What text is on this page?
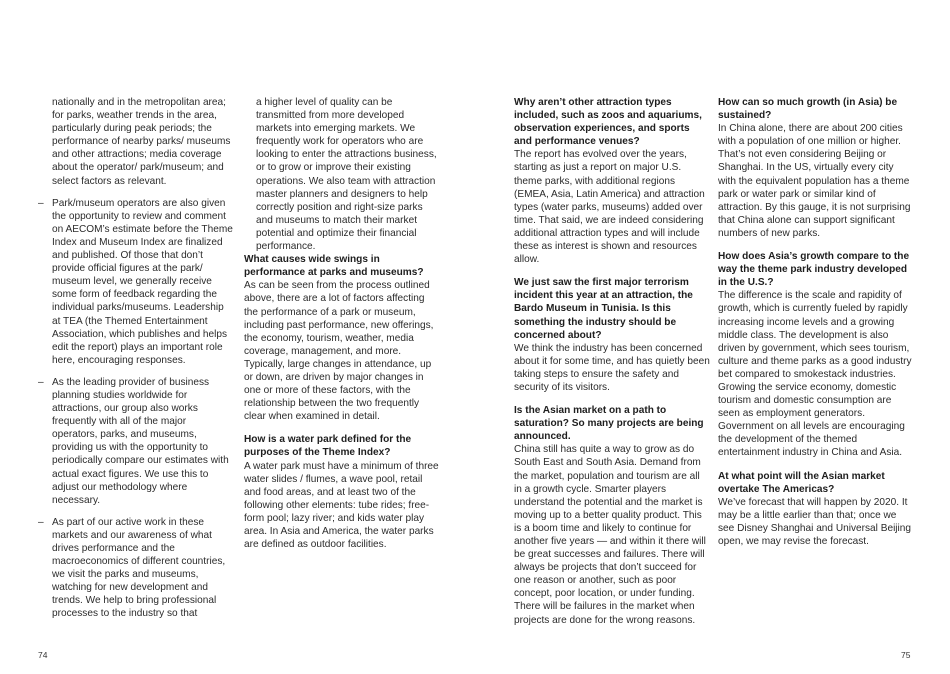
nationally and in the metropolitan area; for parks, weather trends in the area, particularly during peak periods; the performance of nearby parks/ museums and other attractions; media coverage about the operator/ park/museum; and select factors as relevant.

– Park/museum operators are also given the opportunity to review and comment on AECOM’s estimate before the Theme Index and Museum Index are finalized and published. Of those that don’t provide official figures at the park/ museum level, we generally receive some form of feedback regarding the individual parks/museums. Leadership at TEA (the Themed Entertainment Association, which publishes and helps edit the report) plays an important role here, encouraging responses.

– As the leading provider of business planning studies worldwide for attractions, our group also works frequently with all of the major operators, parks, and museums, providing us with the opportunity to periodically compare our estimates with actual exact figures. We use this to adjust our methodology where necessary.

– As part of our active work in these markets and our awareness of what drives performance and the macroeconomics of different countries, we visit the parks and museums, watching for new development and trends. We help to bring professional processes to the industry so that

a higher level of quality can be transmitted from more developed markets into emerging markets. We frequently work for operators who are looking to enter the attractions business, or to grow or improve their existing operations. We also team with attraction master planners and designers to help correctly position and right-size parks and museums to match their market potential and optimize their financial performance.

What causes wide swings in performance at parks and museums?

As can be seen from the process outlined above, there are a lot of factors affecting the performance of a park or museum, including past performance, new offerings, the economy, tourism, weather, media coverage, management, and more. Typically, large changes in attendance, up or down, are driven by major changes in one or more of these factors, with the relationship between the two frequently clear when examined in detail.

How is a water park defined for the purposes of the Theme Index?

A water park must have a minimum of three water slides / flumes, a wave pool, retail and food areas, and at least two of the following other elements: tube rides; free-form pool; lazy river; and kids water play area. In Asia and America, the water parks are defined as outdoor facilities.

Why aren’t other attraction types included, such as zoos and aquariums, observation experiences, and sports and performance venues?

The report has evolved over the years, starting as just a report on major U.S. theme parks, with additional regions (EMEA, Asia, Latin America) and attraction types (water parks, museums) added over time. That said, we are indeed considering additional attraction types and will include these as interest is shown and resources allow.

We just saw the first major terrorism incident this year at an attraction, the Bardo Museum in Tunisia. Is this something the industry should be concerned about?

We think the industry has been concerned about it for some time, and has quietly been taking steps to ensure the safety and security of its visitors.

Is the Asian market on a path to saturation? So many projects are being announced.

China still has quite a way to grow as do South East and South Asia. Demand from the market, population and tourism are all in a growth cycle. Smarter players understand the potential and the market is moving up to a better quality product. This is a boom time and likely to continue for another five years — and within it there will be great successes and failures. There will always be projects that don’t succeed for one reason or another, such as poor concept, poor location, or under funding. There will be failures in the market when projects are done for the wrong reasons.

How can so much growth (in Asia) be sustained?

In China alone, there are about 200 cities with a population of one million or higher. That’s not even considering Beijing or Shanghai. In the US, virtually every city with the equivalent population has a theme park or water park or similar kind of attraction. By this gauge, it is not surprising that China alone can support significant numbers of new parks.

How does Asia’s growth compare to the way the theme park industry developed in the U.S.?

The difference is the scale and rapidity of growth, which is currently fueled by rapidly increasing income levels and a growing middle class. The development is also driven by government, which sees tourism, culture and theme parks as a good industry bet compared to smokestack industries. Growing the service economy, domestic tourism and domestic consumption are seen as employment generators. Government on all levels are encouraging the development of the themed entertainment industry in China and Asia.

At what point will the Asian market overtake The Americas?

We’ve forecast that will happen by 2020. It may be a little earlier than that; once we see Disney Shanghai and Universal Beijing open, we may revise the forecast.

74	75
